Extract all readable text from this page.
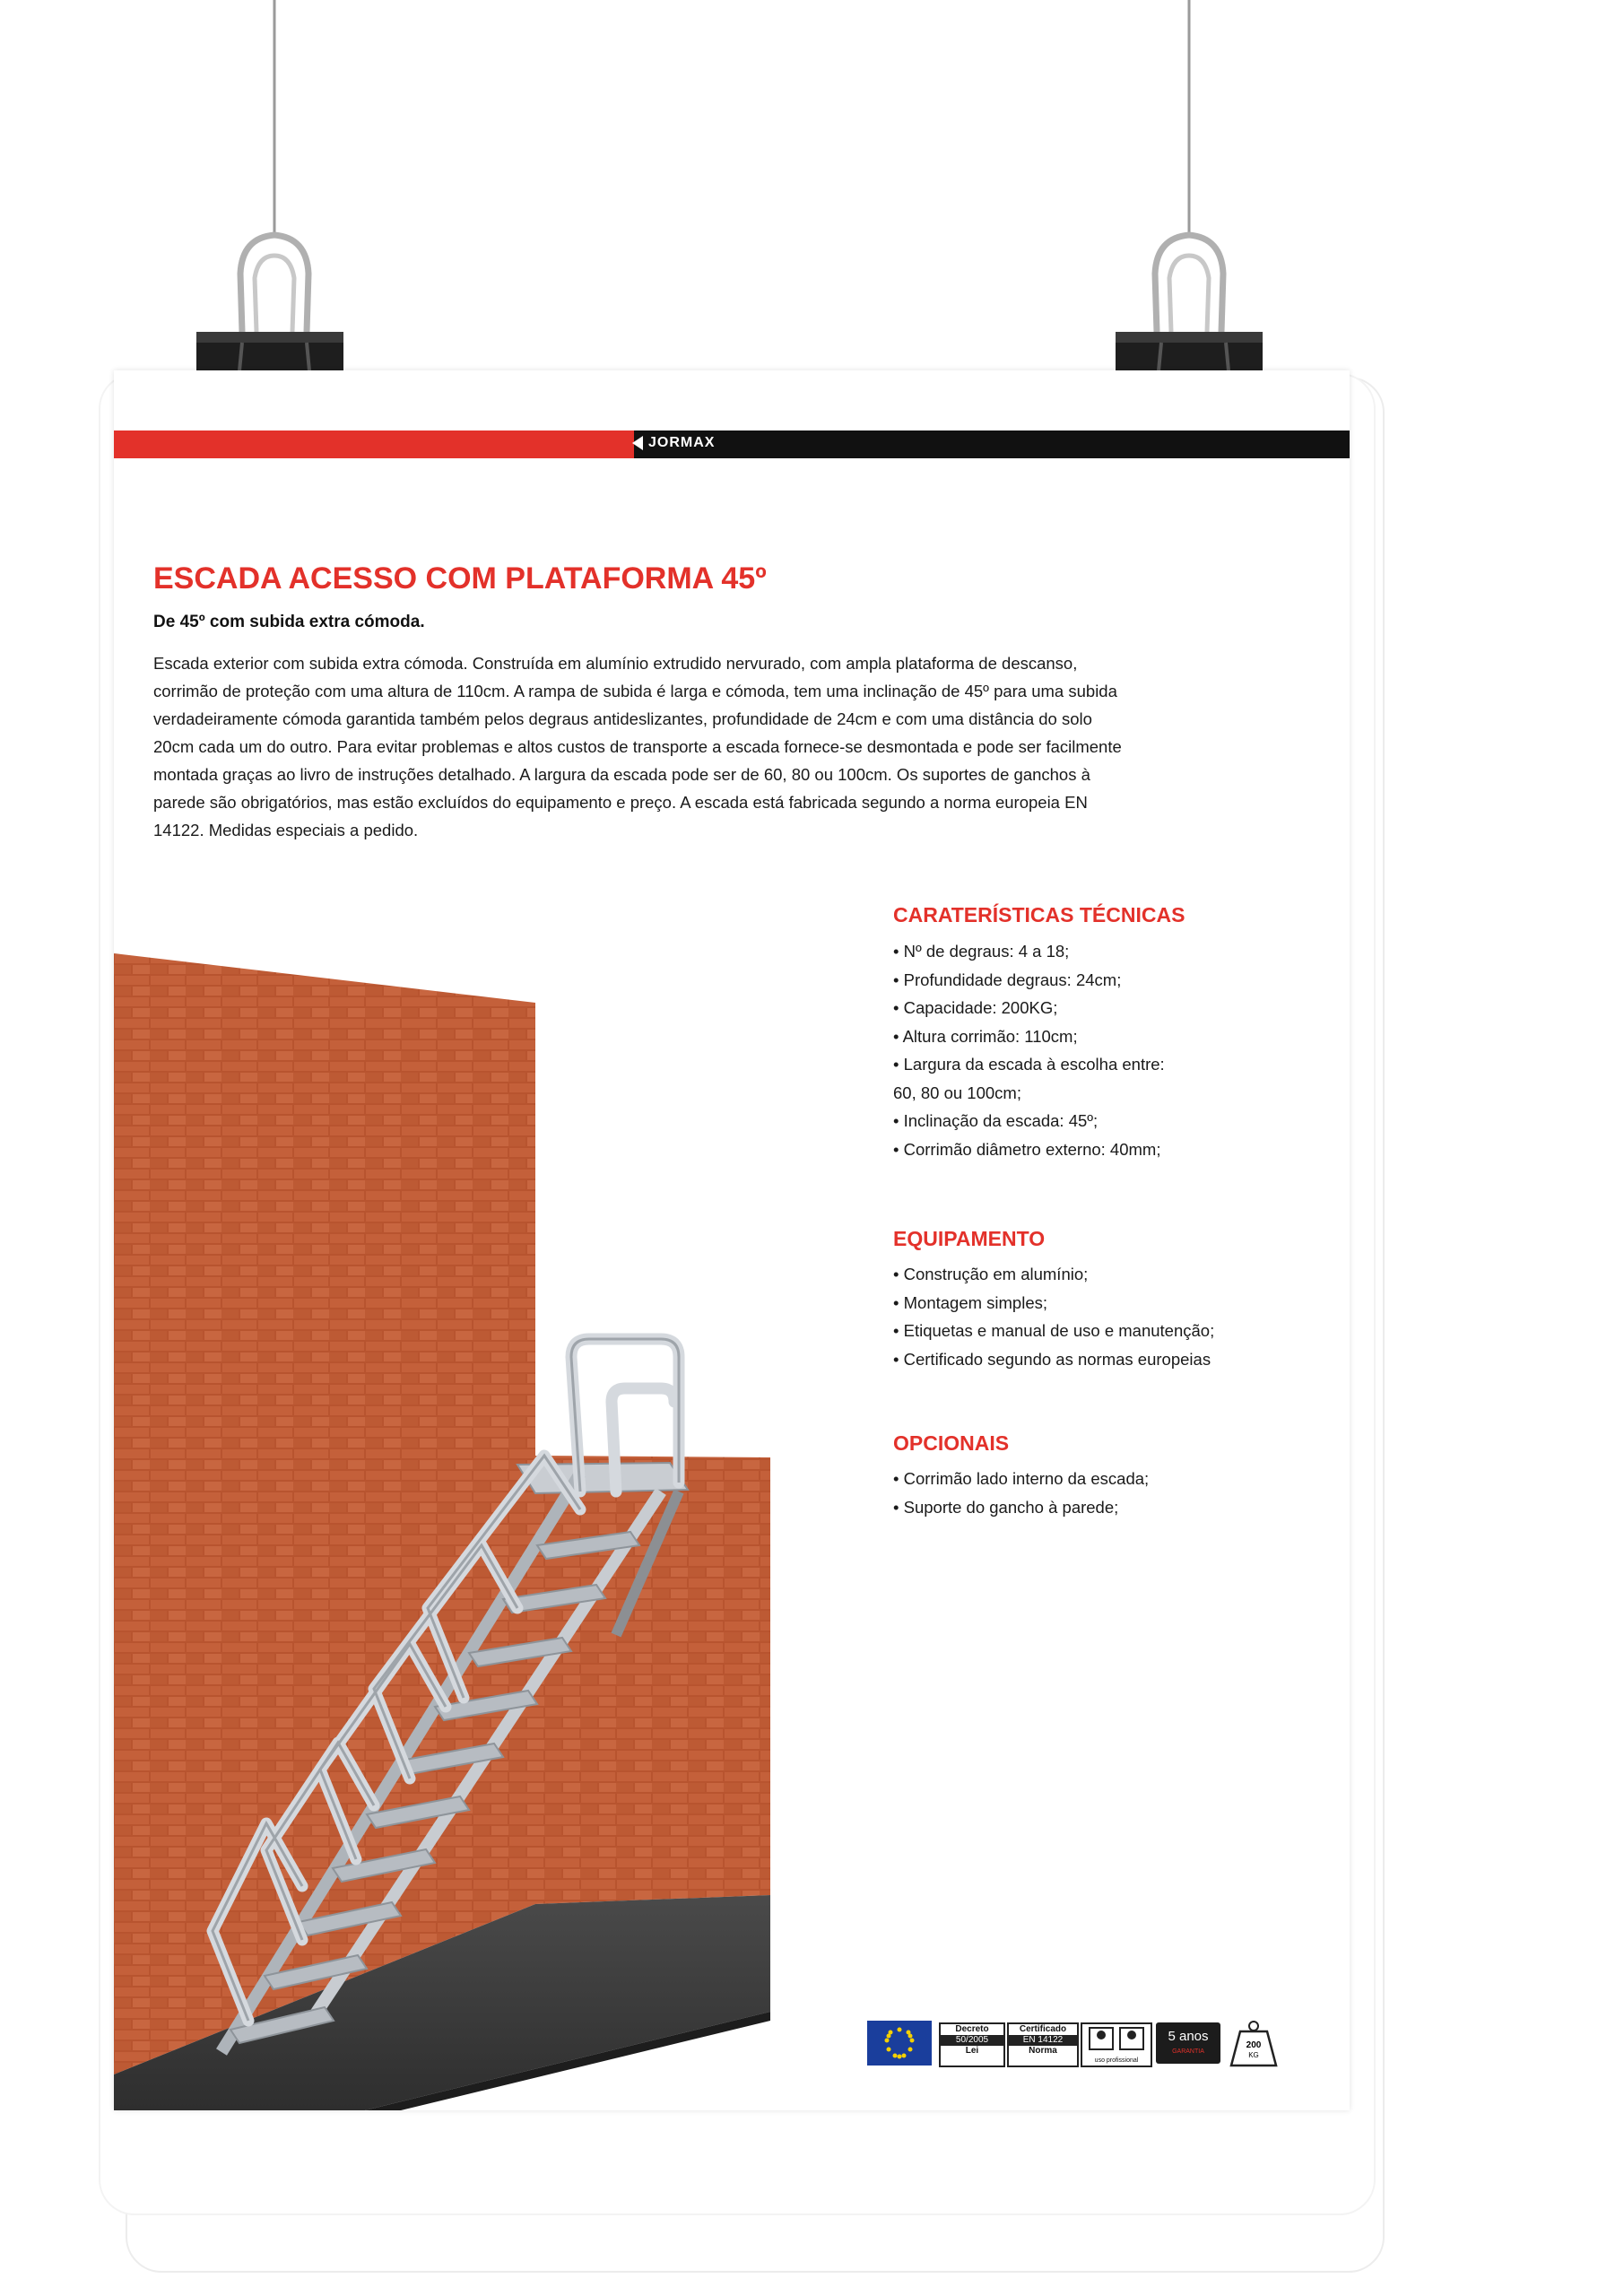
JORMAX
ESCADA ACESSO COM PLATAFORMA 45º
De 45º com subida extra cómoda.

Escada exterior com subida extra cómoda. Construída em alumínio extrudido nervurado, com ampla plataforma de descanso,

corrimão de proteção com uma altura de 110cm. A rampa de subida é larga e cómoda, tem uma inclinação de 45º para uma subida

verdadeiramente cómoda garantida também pelos degraus antideslizantes, profundidade de 24cm e com uma distância do solo

20cm cada um do outro. Para evitar problemas e altos custos de transporte a escada fornece-se desmontada e pode ser facilmente

montada graças ao livro de instruções detalhado. A largura da escada pode ser de 60, 80 ou 100cm. Os suportes de ganchos à

parede são obrigatórios, mas estão excluídos do equipamento e preço. A escada está fabricada segundo a norma europeia EN

14122. Medidas especiais a pedido.

CARATERÍSTICAS TÉCNICAS
• Nº de degraus: 4 a 18;
• Profundidade degraus: 24cm;
• Capacidade: 200KG;
• Altura corrimão: 110cm;
• Largura da escada à escolha entre:
60, 80 ou 100cm;
• Inclinação da escada: 45º;
• Corrimão diâmetro externo: 40mm;
EQUIPAMENTO
• Construção em alumínio;
• Montagem simples;
• Etiquetas e manual de uso e manutenção;
• Certificado segundo as normas europeias
OPCIONAIS
• Corrimão lado interno da escada;
• Suporte do gancho à parede;
Decreto
50/2005
Lei
Certificado
EN 14122
Norma
uso profissional
5 anos
GARANTIA
200
KG
